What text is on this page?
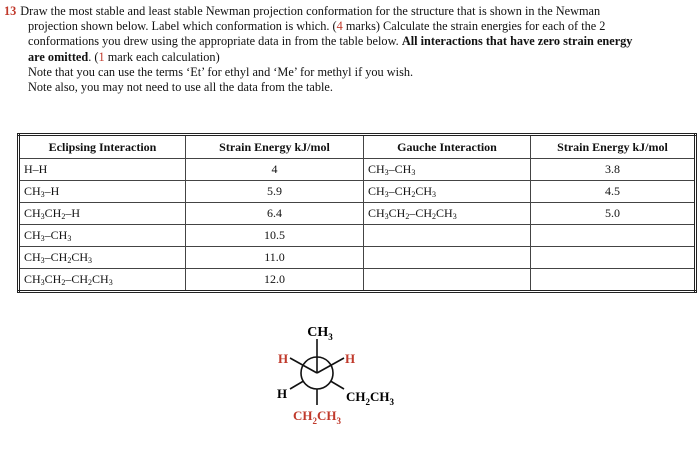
13 Draw the most stable and least stable Newman projection conformation for the structure that is shown in the Newman

projection shown below. Label which conformation is which. (4 marks) Calculate the strain energies for each of the 2

conformations you drew using the appropriate data in from the table below. All interactions that have zero strain energy

are omitted. (1 mark each calculation)

Note that you can use the terms ‘Et’ for ethyl and ‘Me’ for methyl if you wish.

Note also, you may not need to use all the data from the table.

Eclipsing Interaction	Strain Energy kJ/mol	Gauche Interaction	Strain Energy kJ/mol
H–H	4	$CH_3-CH_3$	3.8
$CH_3-H$	5.9	$CH_3-CH_2CH_3$	4.5
$CH_3CH_2-H$	6.4	$CH_3CH_2-CH_2CH_3$	5.0
$CH_3-CH_3$	10.5		
$CH_3-CH_2CH_3$	11.0		
$CH_3CH_2-CH_2CH_3$	12.0		
$CH_3$
H	H
H	$CH_2CH_3$
$CH_2CH_3$
